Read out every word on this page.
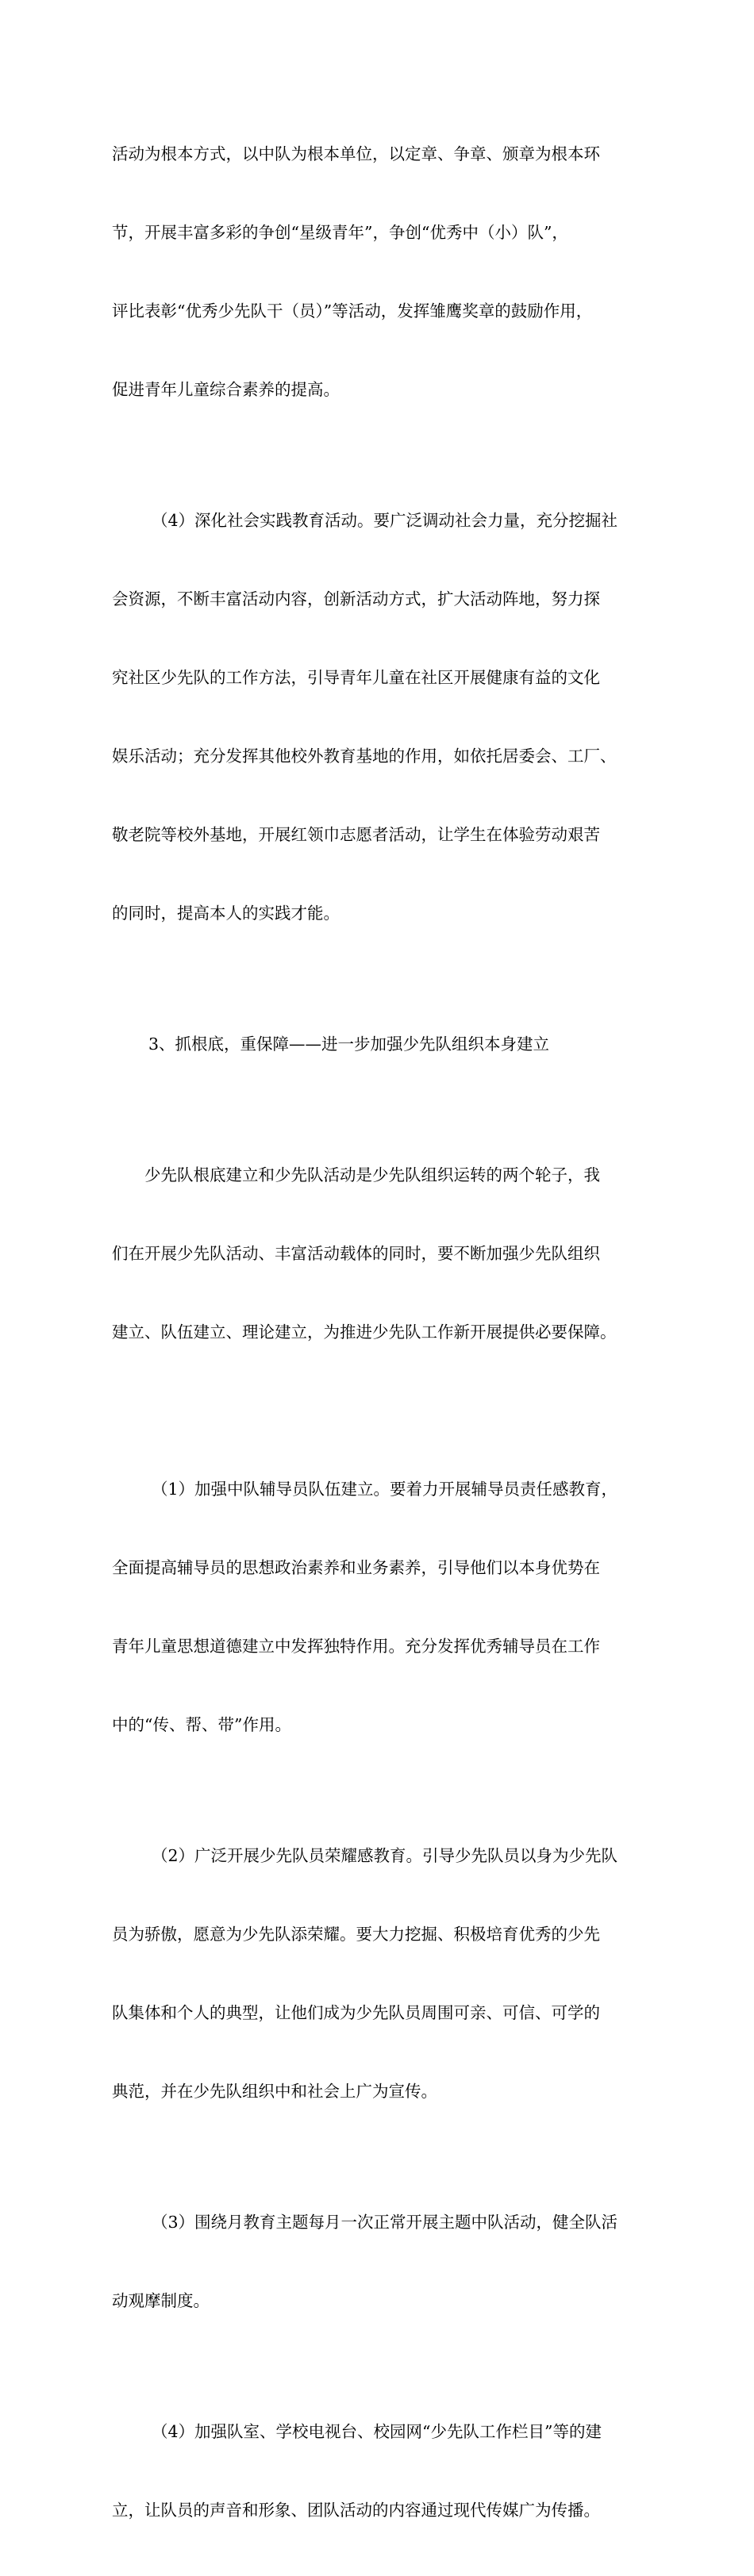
活动为根本方式，以中队为根本单位，以定章、争章、颁章为根本环

节，开展丰富多彩的争创“星级青年”，争创“优秀中（小）队”，

评比表彰“优秀少先队干（员）”等活动，发挥雏鹰奖章的鼓励作用，

促进青年儿童综合素养的提高。

（4）深化社会实践教育活动。要广泛调动社会力量，充分挖掘社

会资源，不断丰富活动内容，创新活动方式，扩大活动阵地，努力探

究社区少先队的工作方法，引导青年儿童在社区开展健康有益的文化

娱乐活动；充分发挥其他校外教育基地的作用，如依托居委会、工厂、

敬老院等校外基地，开展红领巾志愿者活动，让学生在体验劳动艰苦

的同时，提高本人的实践才能。

3、抓根底，重保障——进一步加强少先队组织本身建立

少先队根底建立和少先队活动是少先队组织运转的两个轮子，我

们在开展少先队活动、丰富活动载体的同时，要不断加强少先队组织

建立、队伍建立、理论建立，为推进少先队工作新开展提供必要保障。

（1）加强中队辅导员队伍建立。要着力开展辅导员责任感教育，

全面提高辅导员的思想政治素养和业务素养，引导他们以本身优势在

青年儿童思想道德建立中发挥独特作用。充分发挥优秀辅导员在工作

中的“传、帮、带”作用。

（2）广泛开展少先队员荣耀感教育。引导少先队员以身为少先队

员为骄傲，愿意为少先队添荣耀。要大力挖掘、积极培育优秀的少先

队集体和个人的典型，让他们成为少先队员周围可亲、可信、可学的

典范，并在少先队组织中和社会上广为宣传。

（3）围绕月教育主题每月一次正常开展主题中队活动，健全队活

动观摩制度。

（4）加强队室、学校电视台、校园网“少先队工作栏目”等的建

立，让队员的声音和形象、团队活动的内容通过现代传媒广为传播。
